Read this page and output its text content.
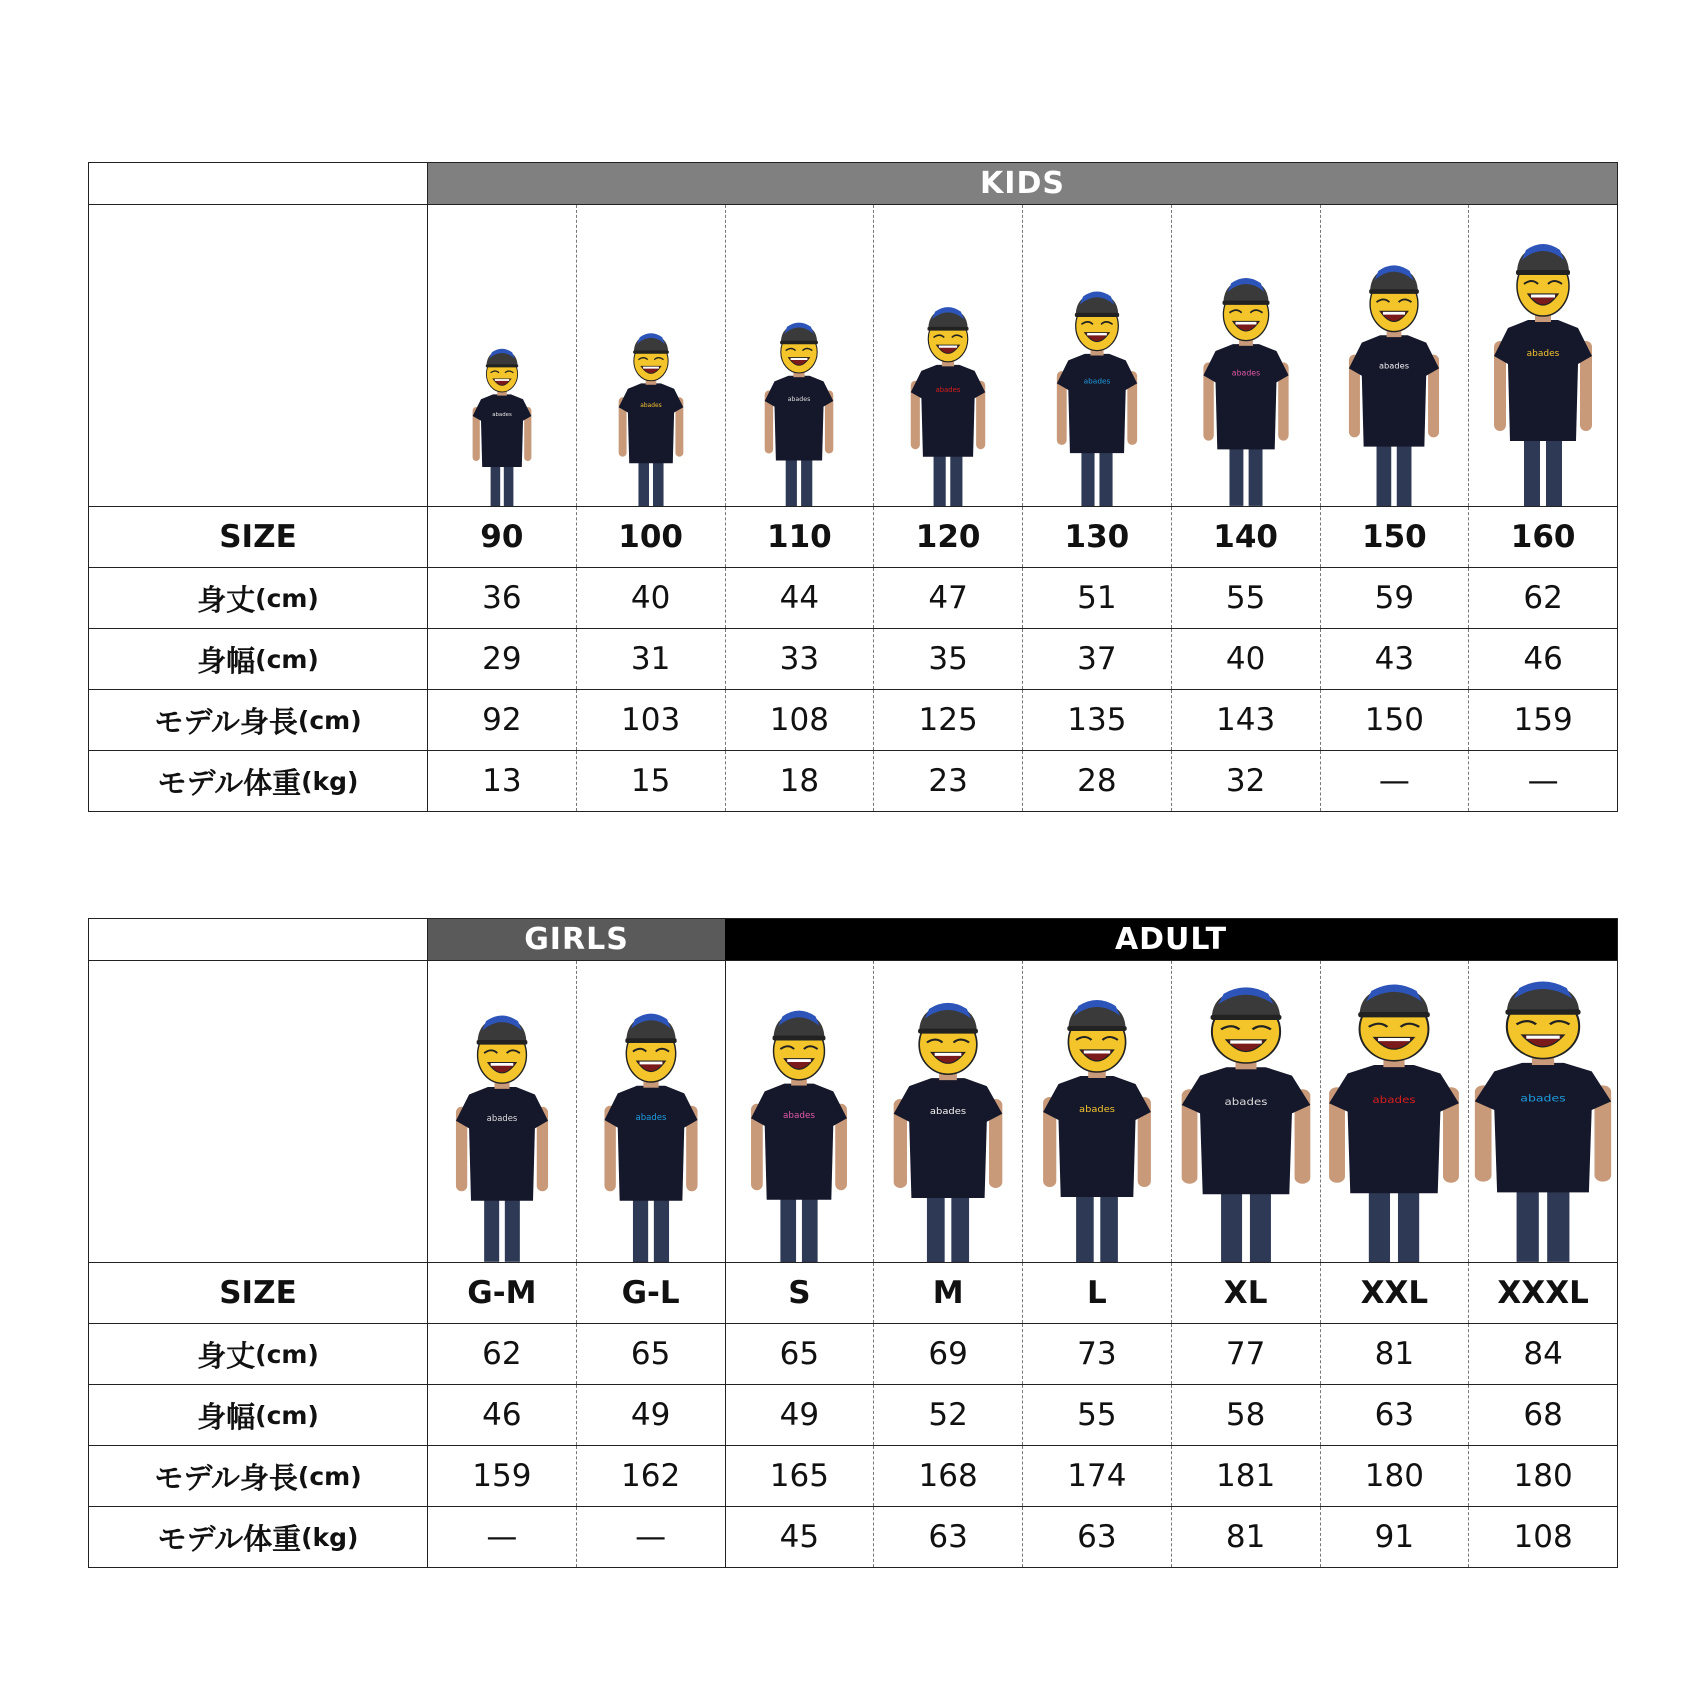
KIDS
abades
abades
abades
abades
abades
abades
abades
abades
SIZE	90	100	110	120	130	140	150	160
身丈 (cm)	36	40	44	47	51	55	59	62
身幅 (cm)	29	31	33	35	37	40	43	46
モデル身長 (cm)	92	103	108	125	135	143	150	159
モデル体重 (kg)	13	15	18	23	28	32	—	—
GIRLS	ADULT
abades	abades	abades	abades	abades
abades	abades	abades
SIZE	G-M	G-L	S	M	L	XL	XXL	XXXL
身丈 (cm)	62	65	65	69	73	77	81	84
身幅 (cm)	46	49	49	52	55	58	63	68
モデル身長 (cm)	159	162	165	168	174	181	180	180
モデル体重 (kg)	—	—	45	63	63	81	91	108
